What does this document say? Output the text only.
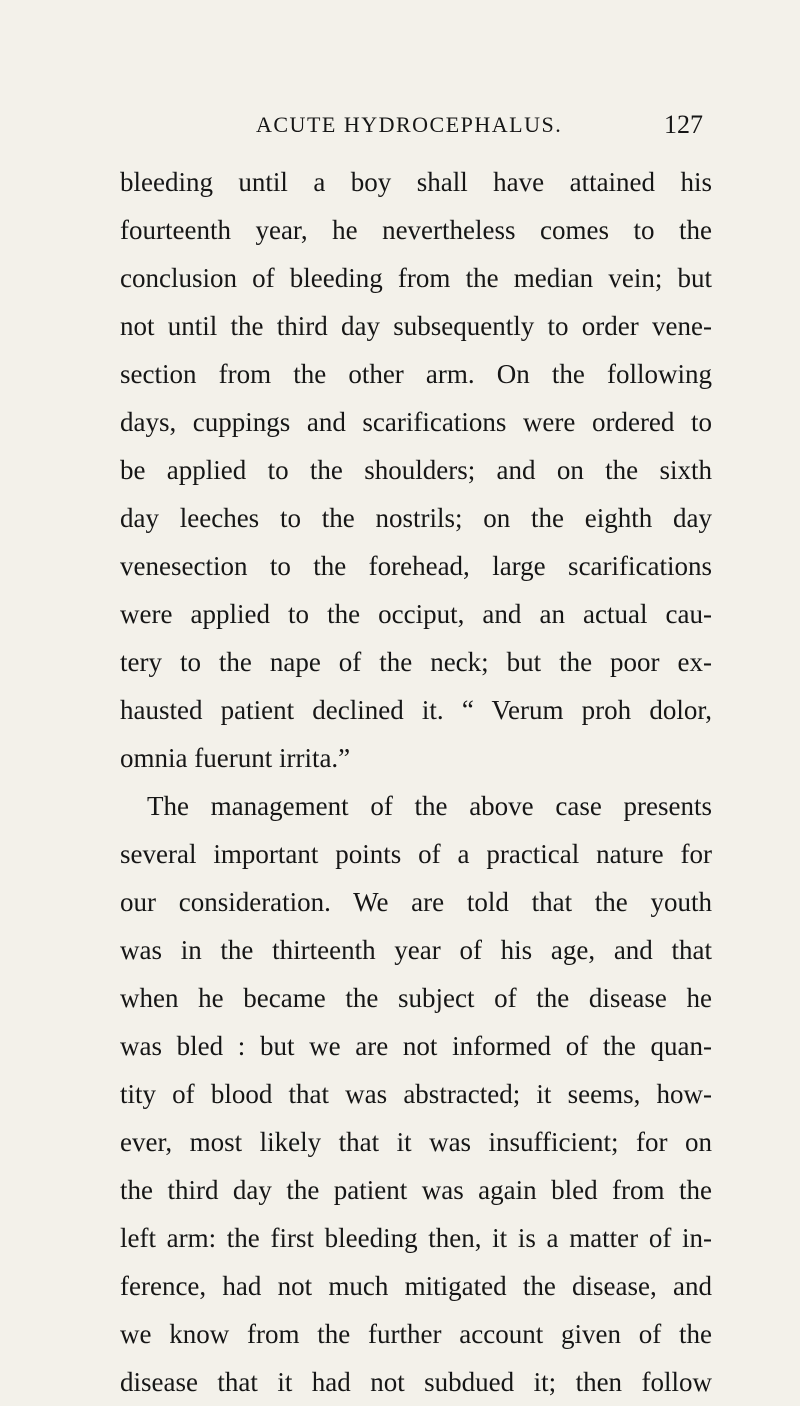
ACUTE HYDROCEPHALUS.	127
bleeding until a boy shall have attained his
fourteenth year, he nevertheless comes to the
conclusion of bleeding from the median vein; but
not until the third day subsequently to order vene-
section from the other arm. On the following
days, cuppings and scarifications were ordered to
be applied to the shoulders; and on the sixth
day leeches to the nostrils; on the eighth day
venesection to the forehead, large scarifications
were applied to the occiput, and an actual cau-
tery to the nape of the neck; but the poor ex-
hausted patient declined it. “ Verum proh dolor,
omnia fuerunt irrita.”
The management of the above case presents
several important points of a practical nature for
our consideration. We are told that the youth
was in the thirteenth year of his age, and that
when he became the subject of the disease he
was bled : but we are not informed of the quan-
tity of blood that was abstracted; it seems, how-
ever, most likely that it was insufficient; for on
the third day the patient was again bled from the
left arm: the first bleeding then, it is a matter of in-
ference, had not much mitigated the disease, and
we know from the further account given of the
disease that it had not subdued it; then follow
